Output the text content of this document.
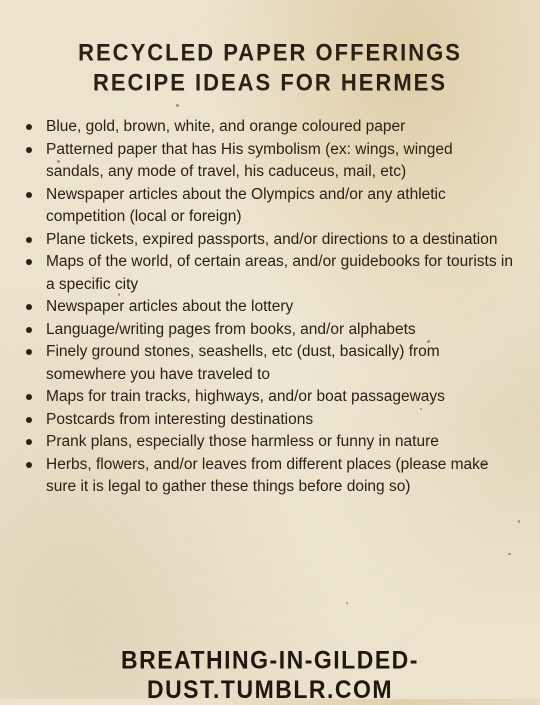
RECYCLED PAPER OFFERINGS
RECIPE IDEAS FOR HERMES
Blue, gold, brown, white, and orange coloured paper
Patterned paper that has His symbolism (ex: wings, winged sandals, any mode of travel, his caduceus, mail, etc)
Newspaper articles about the Olympics and/or any athletic competition (local or foreign)
Plane tickets, expired passports, and/or directions to a destination
Maps of the world, of certain areas, and/or guidebooks for tourists in a specific city
Newspaper articles about the lottery
Language/writing pages from books, and/or alphabets
Finely ground stones, seashells, etc (dust, basically) from somewhere you have traveled to
Maps for train tracks, highways, and/or boat passageways
Postcards from interesting destinations
Prank plans, especially those harmless or funny in nature
Herbs, flowers, and/or leaves from different places (please make sure it is legal to gather these things before doing so)
BREATHING-IN-GILDED-DUST.TUMBLR.COM
